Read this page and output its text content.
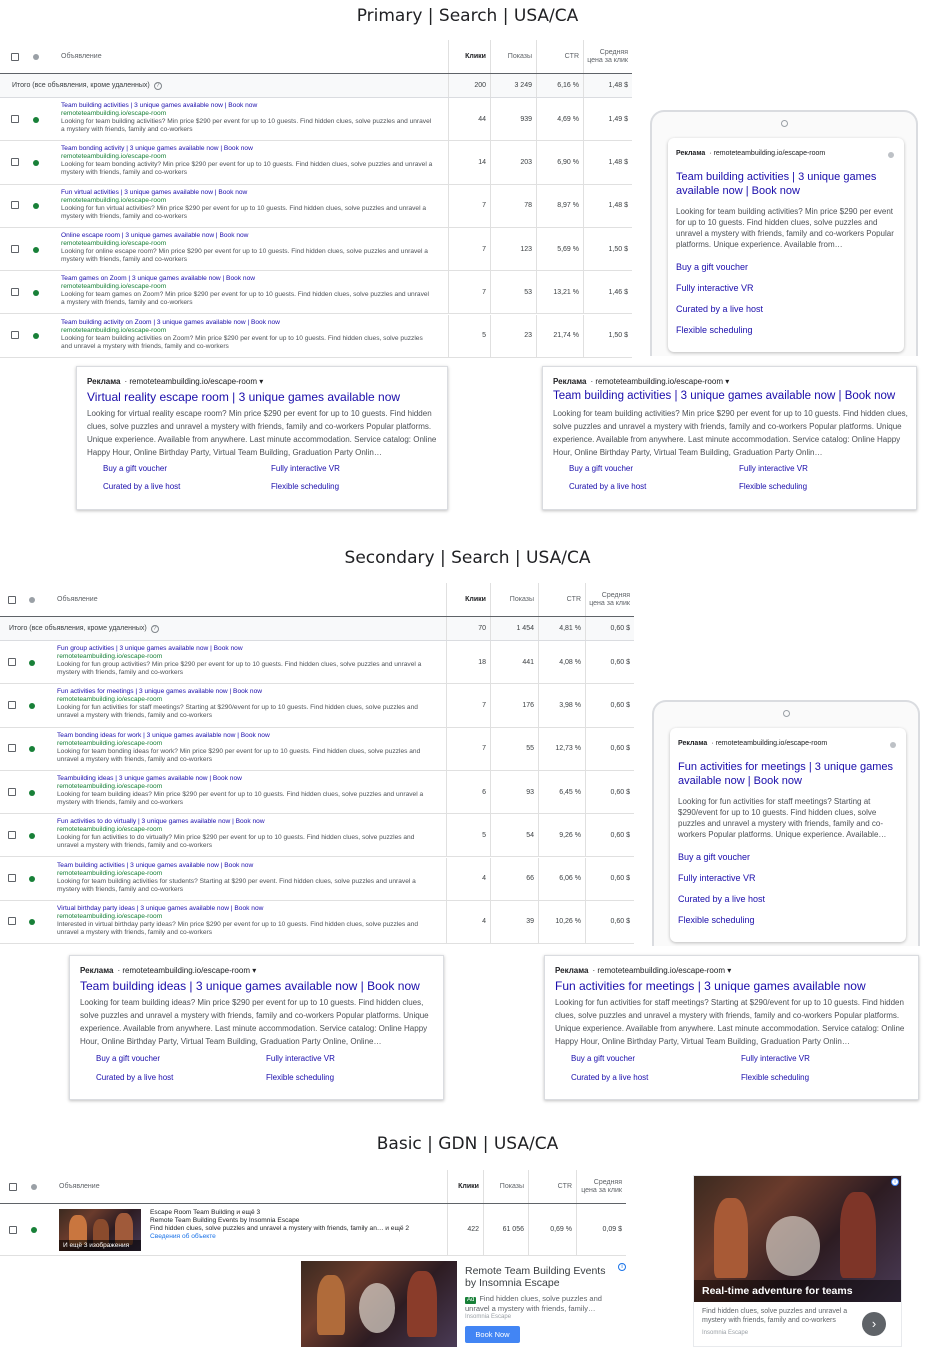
Primary | Search | USA/CA
Объявление	Клики	Показы	CTR
Средняя цена за клик
Итого (все объявления, кроме удаленных)	?	200	3 249	6,16 %	1,48 $
Team building activities | 3 unique games available now | Book now
remoteteambuilding.io/escape-room
Looking for team building activities? Min price $290 per event for up to 10 guests. Find hidden clues, solve puzzles and unravel a mystery with friends, family and co-workers
44	939	4,69 %	1,49 $
Team bonding activity | 3 unique games available now | Book now
remoteteambuilding.io/escape-room
Looking for team bonding activity? Min price $290 per event for up to 10 guests. Find hidden clues, solve puzzles and unravel a mystery with friends, family and co-workers
14	203	6,90 %	1,48 $
Fun virtual activities | 3 unique games available now | Book now
remoteteambuilding.io/escape-room
Looking for fun virtual activities? Min price $290 per event for up to 10 guests. Find hidden clues, solve puzzles and unravel a mystery with friends, family and co-workers
7	78	8,97 %	1,48 $
Online escape room | 3 unique games available now | Book now
remoteteambuilding.io/escape-room
Looking for online escape room? Min price $290 per event for up to 10 guests. Find hidden clues, solve puzzles and unravel a mystery with friends, family and co-workers
7	123	5,69 %	1,50 $
Team games on Zoom | 3 unique games available now | Book now
remoteteambuilding.io/escape-room
Looking for team games on Zoom? Min price $290 per event for up to 10 guests. Find hidden clues, solve puzzles and unravel a mystery with friends, family and co-workers
7	53	13,21 %	1,46 $
Team building activity on Zoom | 3 unique games available now | Book now
remoteteambuilding.io/escape-room
Looking for team building activities on Zoom? Min price $290 per event for up to 10 guests. Find hidden clues, solve puzzles and unravel a mystery with friends, family and co-workers
5	23	21,74 %	1,50 $
Реклама · remoteteambuilding.io/escape-room
Team building activities | 3 unique games available now | Book now
Looking for team building activities? Min price $290 per event for up to 10 guests. Find hidden clues, solve puzzles and unravel a mystery with friends, family and co-workers Popular platforms. Unique experience. Available from…
Buy a gift voucher
Fully interactive VR
Curated by a live host
Flexible scheduling
Реклама · remoteteambuilding.io/escape-room ▾
Virtual reality escape room | 3 unique games available now
Looking for virtual reality escape room? Min price $290 per event for up to 10 guests. Find hidden clues, solve puzzles and unravel a mystery with friends, family and co-workers Popular platforms. Unique experience. Available from anywhere. Last minute accommodation. Service catalog: Online Happy Hour, Online Birthday Party, Virtual Team Building, Graduation Party Onlin…
Buy a gift voucher	Fully interactive VR
Curated by a live host	Flexible scheduling
Реклама · remoteteambuilding.io/escape-room ▾
Team building activities | 3 unique games available now | Book now
Looking for team building activities? Min price $290 per event for up to 10 guests. Find hidden clues, solve puzzles and unravel a mystery with friends, family and co-workers Popular platforms. Unique experience. Available from anywhere. Last minute accommodation. Service catalog: Online Happy Hour, Online Birthday Party, Virtual Team Building, Graduation Party Onlin…
Buy a gift voucher	Fully interactive VR
Curated by a live host	Flexible scheduling
Secondary | Search | USA/CA
Объявление	Клики	Показы	CTR
Средняя цена за клик
Итого (все объявления, кроме удаленных)	?	70	1 454	4,81 %	0,60 $
Fun group activities | 3 unique games available now | Book now
remoteteambuilding.io/escape-room
Looking for fun group activities? Min price $290 per event for up to 10 guests. Find hidden clues, solve puzzles and unravel a mystery with friends, family and co-workers
18	441	4,08 %	0,60 $
Fun activities for meetings | 3 unique games available now | Book now
remoteteambuilding.io/escape-room
Looking for fun activities for staff meetings? Starting at $290/event for up to 10 guests. Find hidden clues, solve puzzles and unravel a mystery with friends, family and co-workers
7	176	3,98 %	0,60 $
Team bonding ideas for work | 3 unique games available now | Book now
remoteteambuilding.io/escape-room
Looking for team bonding ideas for work? Min price $290 per event for up to 10 guests. Find hidden clues, solve puzzles and unravel a mystery with friends, family and co-workers
7	55	12,73 %	0,60 $
Teambuilding ideas | 3 unique games available now | Book now
remoteteambuilding.io/escape-room
Looking for team building ideas? Min price $290 per event for up to 10 guests. Find hidden clues, solve puzzles and unravel a mystery with friends, family and co-workers
6	93	6,45 %	0,60 $
Fun activities to do virtually | 3 unique games available now | Book now
remoteteambuilding.io/escape-room
Looking for fun activities to do virtually? Min price $290 per event for up to 10 guests. Find hidden clues, solve puzzles and unravel a mystery with friends, family and co-workers
5	54	9,26 %	0,60 $
Team building activities | 3 unique games available now | Book now
remoteteambuilding.io/escape-room
Looking for team building activities for students? Starting at $290 per event. Find hidden clues, solve puzzles and unravel a mystery with friends, family and co-workers
4	66	6,06 %	0,60 $
Virtual birthday party ideas | 3 unique games available now | Book now
remoteteambuilding.io/escape-room
Interested in virtual birthday party ideas? Min price $290 per event for up to 10 guests. Find hidden clues, solve puzzles and unravel a mystery with friends, family and co-workers
4	39	10,26 %	0,60 $
Реклама · remoteteambuilding.io/escape-room
Fun activities for meetings | 3 unique games available now | Book now
Looking for fun activities for staff meetings? Starting at $290/event for up to 10 guests. Find hidden clues, solve puzzles and unravel a mystery with friends, family and co-workers Popular platforms. Unique experience. Available…
Buy a gift voucher
Fully interactive VR
Curated by a live host
Flexible scheduling
Реклама · remoteteambuilding.io/escape-room ▾
Team building ideas | 3 unique games available now | Book now
Looking for team building ideas? Min price $290 per event for up to 10 guests. Find hidden clues, solve puzzles and unravel a mystery with friends, family and co-workers Popular platforms. Unique experience. Available from anywhere. Last minute accommodation. Service catalog: Online Happy Hour, Online Birthday Party, Virtual Team Building, Graduation Party Online, Online…
Buy a gift voucher	Fully interactive VR
Curated by a live host	Flexible scheduling
Реклама · remoteteambuilding.io/escape-room ▾
Fun activities for meetings | 3 unique games available now
Looking for fun activities for staff meetings? Starting at $290/event for up to 10 guests. Find hidden clues, solve puzzles and unravel a mystery with friends, family and co-workers Popular platforms. Unique experience. Available from anywhere. Last minute accommodation. Service catalog: Online Happy Hour, Online Birthday Party, Virtual Team Building, Graduation Party Onlin…
Buy a gift voucher	Fully interactive VR
Curated by a live host	Flexible scheduling
Basic | GDN | USA/CA
Объявление	Клики	Показы	CTR
Средняя цена за клик
И ещё 3 изображения
Escape Room Team Building и ещё 3
Remote Team Building Events by Insomnia Escape
Find hidden clues, solve puzzles and unravel a mystery with friends, family an… и ещё 2
Сведения об объекте
422	61 056	0,69 %	0,09 $
Remote Team Building Events by Insomnia Escape
i
Ad Find hidden clues, solve puzzles and unravel a mystery with friends, family…
Insomnia Escape
Book Now
Real-time adventure for teams
i
Find hidden clues, solve puzzles and unravel a mystery with friends, family and co-workers
Insomnia Escape
›
